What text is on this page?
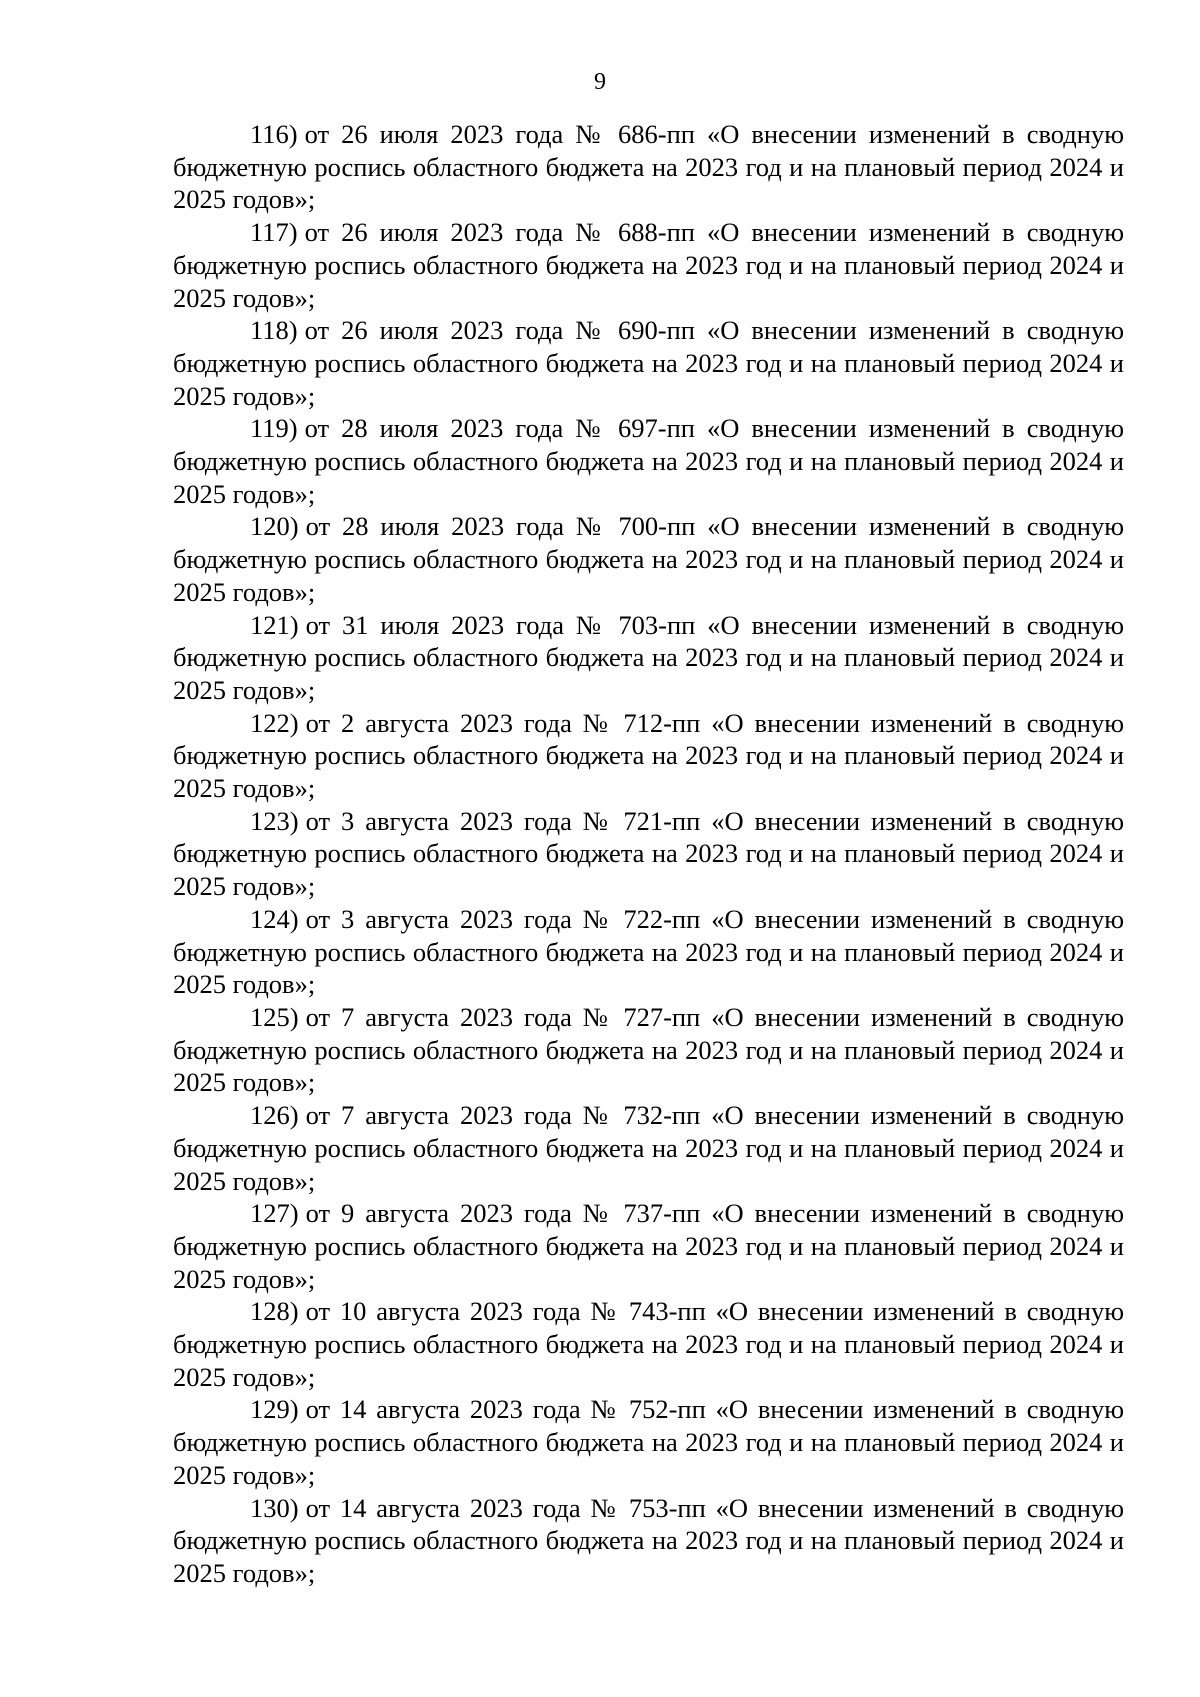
9

116) от 26 июля 2023 года № 686-пп «О внесении изменений в сводную бюджетную роспись областного бюджета на 2023 год и на плановый период 2024 и 2025 годов»;

117) от 26 июля 2023 года № 688-пп «О внесении изменений в сводную бюджетную роспись областного бюджета на 2023 год и на плановый период 2024 и 2025 годов»;

118) от 26 июля 2023 года № 690-пп «О внесении изменений в сводную бюджетную роспись областного бюджета на 2023 год и на плановый период 2024 и 2025 годов»;

119) от 28 июля 2023 года № 697-пп «О внесении изменений в сводную бюджетную роспись областного бюджета на 2023 год и на плановый период 2024 и 2025 годов»;

120) от 28 июля 2023 года № 700-пп «О внесении изменений в сводную бюджетную роспись областного бюджета на 2023 год и на плановый период 2024 и 2025 годов»;

121) от 31 июля 2023 года № 703-пп «О внесении изменений в сводную бюджетную роспись областного бюджета на 2023 год и на плановый период 2024 и 2025 годов»;

122) от 2 августа 2023 года № 712-пп «О внесении изменений в сводную бюджетную роспись областного бюджета на 2023 год и на плановый период 2024 и 2025 годов»;

123) от 3 августа 2023 года № 721-пп «О внесении изменений в сводную бюджетную роспись областного бюджета на 2023 год и на плановый период 2024 и 2025 годов»;

124) от 3 августа 2023 года № 722-пп «О внесении изменений в сводную бюджетную роспись областного бюджета на 2023 год и на плановый период 2024 и 2025 годов»;

125) от 7 августа 2023 года № 727-пп «О внесении изменений в сводную бюджетную роспись областного бюджета на 2023 год и на плановый период 2024 и 2025 годов»;

126) от 7 августа 2023 года № 732-пп «О внесении изменений в сводную бюджетную роспись областного бюджета на 2023 год и на плановый период 2024 и 2025 годов»;

127) от 9 августа 2023 года № 737-пп «О внесении изменений в сводную бюджетную роспись областного бюджета на 2023 год и на плановый период 2024 и 2025 годов»;

128) от 10 августа 2023 года № 743-пп «О внесении изменений в сводную бюджетную роспись областного бюджета на 2023 год и на плановый период 2024 и 2025 годов»;

129) от 14 августа 2023 года № 752-пп «О внесении изменений в сводную бюджетную роспись областного бюджета на 2023 год и на плановый период 2024 и 2025 годов»;

130) от 14 августа 2023 года № 753-пп «О внесении изменений в сводную бюджетную роспись областного бюджета на 2023 год и на плановый период 2024 и 2025 годов»;
